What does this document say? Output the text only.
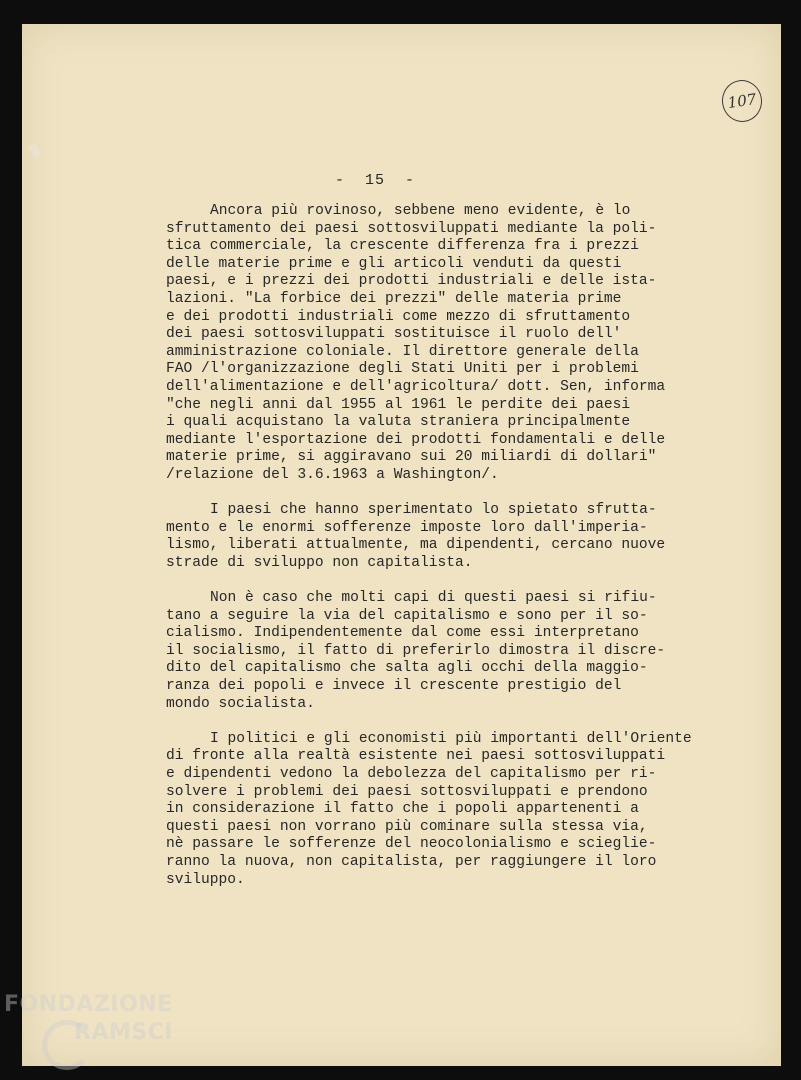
107
- 15 -
Ancora più rovinoso, sebbene meno evidente, è lo
sfruttamento dei paesi sottosviluppati mediante la poli-
tica commerciale, la crescente differenza fra i prezzi
delle materie prime e gli articoli venduti da questi
paesi, e i prezzi dei prodotti industriali e delle ista-
lazioni. "La forbice dei prezzi" delle materia prime
e dei prodotti industriali come mezzo di sfruttamento
dei paesi sottosviluppati sostituisce il ruolo dell'
amministrazione coloniale. Il direttore generale della
FAO /l'organizzazione degli Stati Uniti per i problemi
dell'alimentazione e dell'agricoltura/ dott. Sen, informa
"che negli anni dal 1955 al 1961 le perdite dei paesi
i quali acquistano la valuta straniera principalmente
mediante l'esportazione dei prodotti fondamentali e delle
materie prime, si aggiravano sui 20 miliardi di dollari"
/relazione del 3.6.1963 a Washington/.
I paesi che hanno sperimentato lo spietato sfrutta-
mento e le enormi sofferenze imposte loro dall'imperia-
lismo, liberati attualmente, ma dipendenti, cercano nuove
strade di sviluppo non capitalista.
Non è caso che molti capi di questi paesi si rifiu-
tano a seguire la via del capitalismo e sono per il so-
cialismo. Indipendentemente dal come essi interpretano
il socialismo, il fatto di preferirlo dimostra il discre-
dito del capitalismo che salta agli occhi della maggio-
ranza dei popoli e invece il crescente prestigio del
mondo socialista.
I politici e gli economisti più importanti dell'Oriente
di fronte alla realtà esistente nei paesi sottosviluppati
e dipendenti vedono la debolezza del capitalismo per ri-
solvere i problemi dei paesi sottosviluppati e prendono
in considerazione il fatto che i popoli appartenenti a
questi paesi non vorrano più cominare sulla stessa via,
nè passare le sofferenze del neocolonialismo e scieglie-
ranno la nuova, non capitalista, per raggiungere il loro
sviluppo.
FONDAZIONE
RAMSCI
